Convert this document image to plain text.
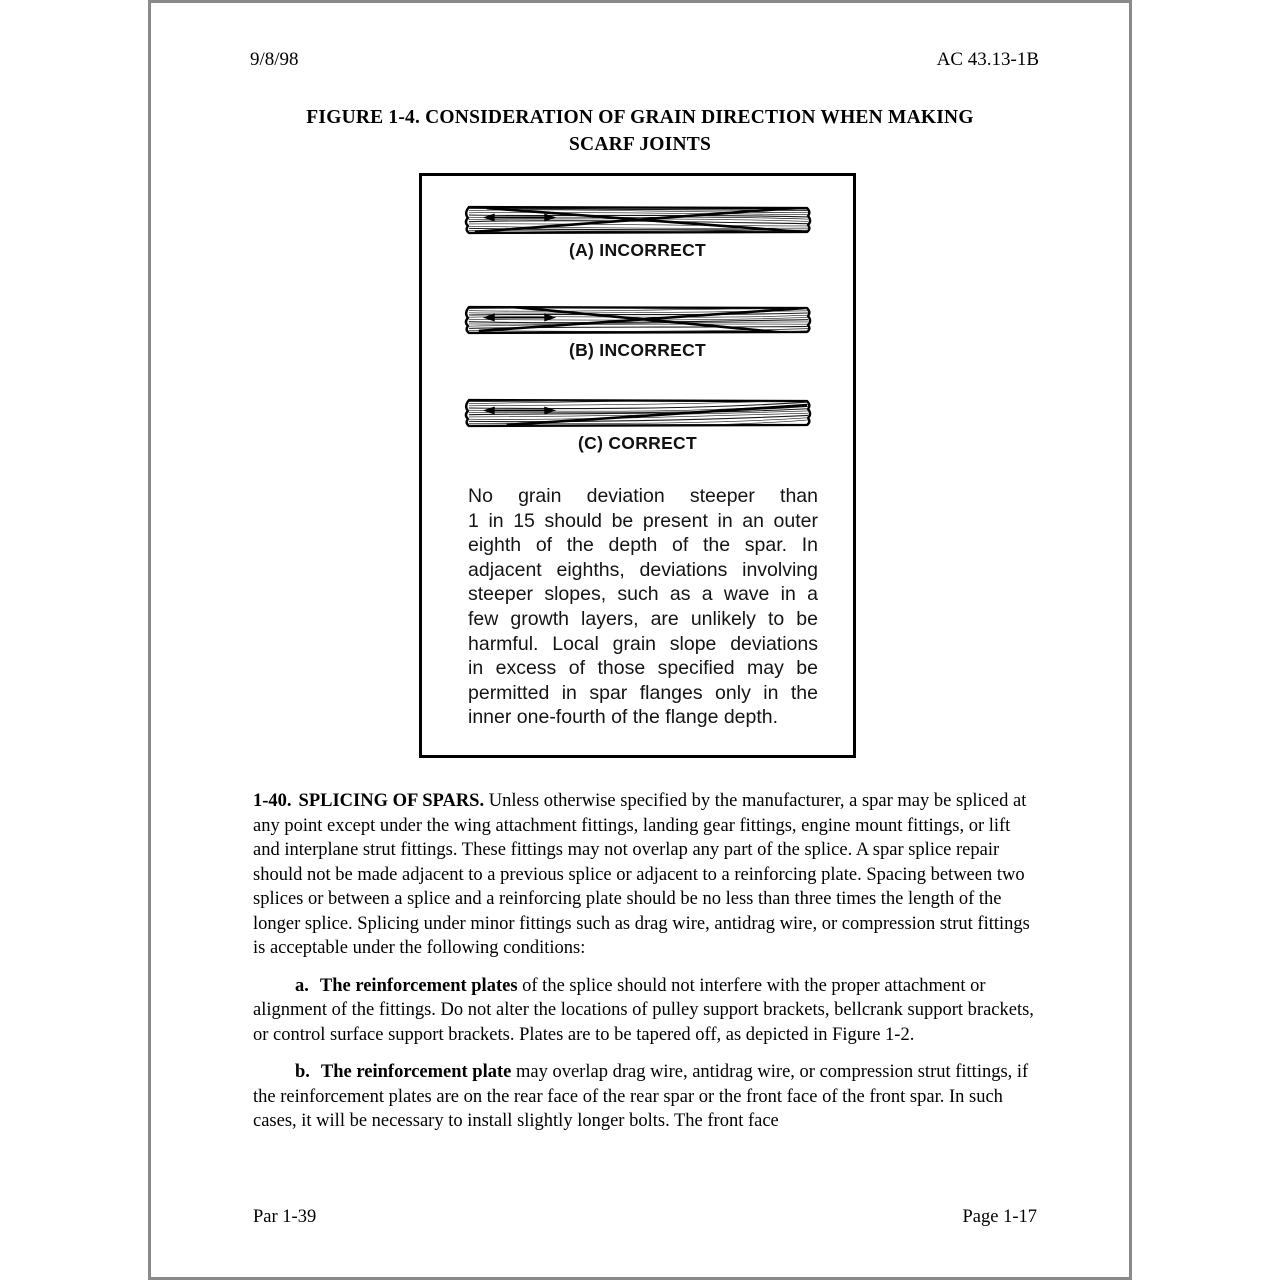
9/8/98	AC 43.13-1B
FIGURE 1-4. CONSIDERATION OF GRAIN DIRECTION WHEN MAKING
SCARF JOINTS
(A) INCORRECT
(B) INCORRECT
(C) CORRECT
No grain deviation steeper than
1 in 15 should be present in an outer
eighth of the depth of the spar. In
adjacent eighths, deviations involving
steeper slopes, such as a wave in a
few growth layers, are unlikely to be
harmful. Local grain slope deviations
in excess of those specified may be
permitted in spar flanges only in the
inner one-fourth of the flange depth.

1-40. SPLICING OF SPARS. Unless otherwise specified by the manufacturer, a spar may be spliced at any point except under the wing attachment fittings, landing gear fittings, engine mount fittings, or lift and interplane strut fittings. These fittings may not overlap any part of the splice. A spar splice repair should not be made adjacent to a previous splice or adjacent to a reinforcing plate. Spacing between two splices or between a splice and a reinforcing plate should be no less than three times the length of the longer splice. Splicing under minor fittings such as drag wire, antidrag wire, or compression strut fittings is acceptable under the following conditions:

a. The reinforcement plates of the splice should not interfere with the proper attachment or alignment of the fittings. Do not alter the locations of pulley support brackets, bellcrank support brackets, or control surface support brackets. Plates are to be tapered off, as depicted in Figure 1-2.

b. The reinforcement plate may overlap drag wire, antidrag wire, or compression strut fittings, if the reinforcement plates are on the rear face of the rear spar or the front face of the front spar. In such cases, it will be necessary to install slightly longer bolts. The front face

Par 1-39	Page 1-17
